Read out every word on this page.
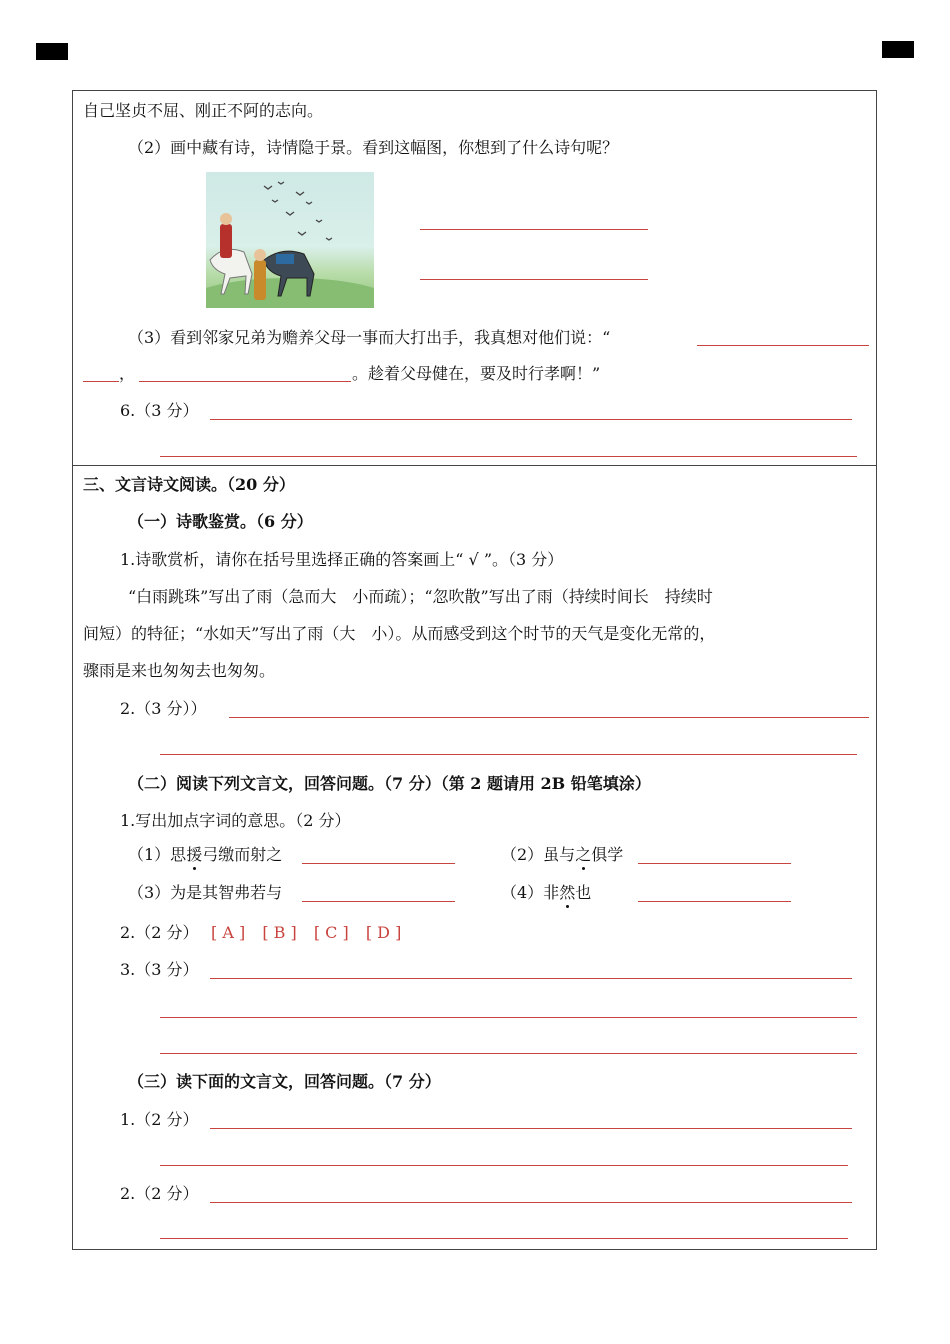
自己坚贞不屈、刚正不阿的志向。
（2）画中藏有诗，诗情隐于景。看到这幅图，你想到了什么诗句呢？
（3）看到邻家兄弟为赡养父母一事而大打出手，我真想对他们说：“
，	。趁着父母健在，要及时行孝啊！”
6.（3 分）
三、文言诗文阅读。（20 分）
（一）诗歌鉴赏。（6 分）
1.诗歌赏析，请你在括号里选择正确的答案画上“ √ ”。（3 分）
“白雨跳珠”写出了雨（急而大　小而疏）；“忽吹散”写出了雨（持续时间长　持续时
间短）的特征；“水如天”写出了雨（大　小）。从而感受到这个时节的天气是变化无常的，
骤雨是来也匆匆去也匆匆。
2.（3 分））
（二）阅读下列文言文，回答问题。（7 分）（第 2 题请用 2B 铅笔填涂）
1.写出加点字词的意思。（2 分）
（1）思援弓缴而射之	（2）虽与之俱学
（3）为是其智弗若与	（4）非然也
2.（2 分） [ A ] [ B ] [ C ] [ D ]
3.（3 分）
（三）读下面的文言文，回答问题。（7 分）
1.（2 分）
2.（2 分）
